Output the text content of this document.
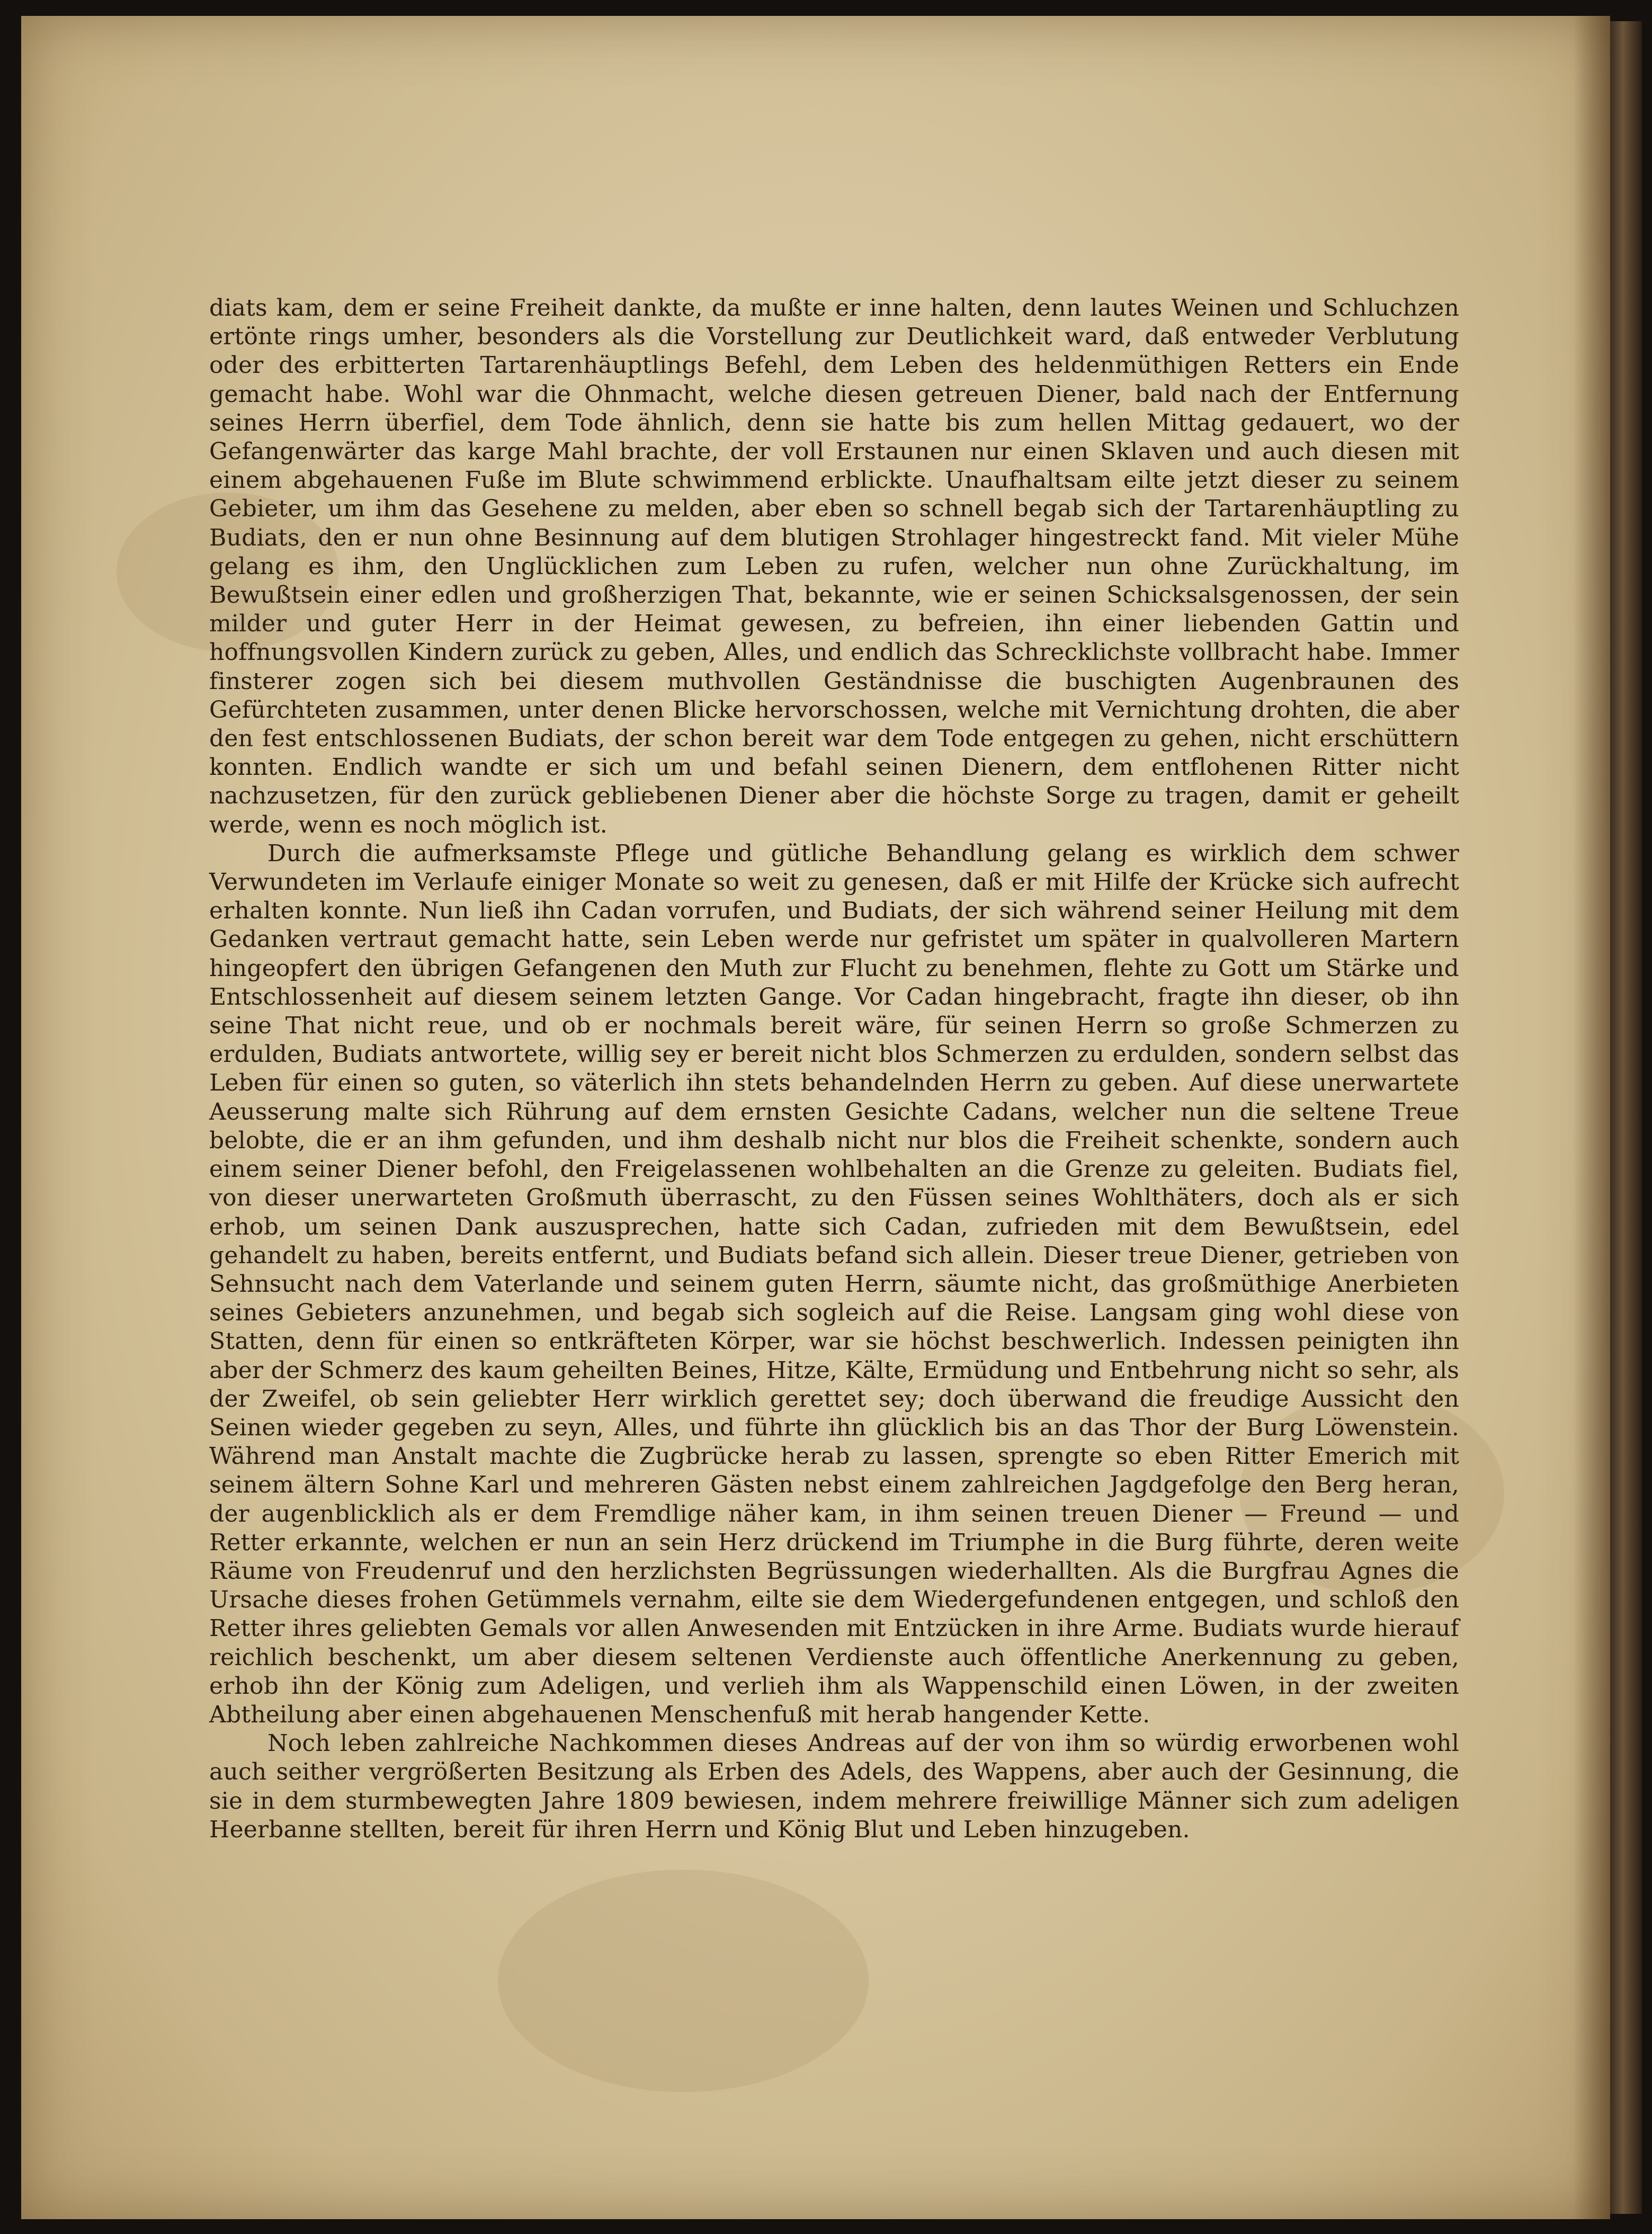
diats kam, dem er seine Freiheit dankte, da mußte er inne halten, denn lautes Weinen und Schluchzen ertönte rings umher, besonders als die Vorstellung zur Deutlichkeit ward, daß entweder Verblutung oder des erbitterten Tartarenhäuptlings Befehl, dem Leben des heldenmüthigen Retters ein Ende gemacht habe. Wohl war die Ohnmacht, welche diesen getreuen Diener, bald nach der Entfernung seines Herrn überfiel, dem Tode ähnlich, denn sie hatte bis zum hellen Mittag gedauert, wo der Gefangenwärter das karge Mahl brachte, der voll Erstaunen nur einen Sklaven und auch diesen mit einem abgehauenen Fuße im Blute schwimmend erblickte. Unaufhaltsam eilte jetzt dieser zu seinem Gebieter, um ihm das Gesehene zu melden, aber eben so schnell begab sich der Tartarenhäuptling zu Budiats, den er nun ohne Besinnung auf dem blutigen Strohlager hingestreckt fand. Mit vieler Mühe gelang es ihm, den Unglücklichen zum Leben zu rufen, welcher nun ohne Zurückhaltung, im Bewußtsein einer edlen und großherzigen That, bekannte, wie er seinen Schicksalsgenossen, der sein milder und guter Herr in der Heimat gewesen, zu befreien, ihn einer liebenden Gattin und hoffnungsvollen Kindern zurück zu geben, Alles, und endlich das Schrecklichste vollbracht habe. Immer finsterer zogen sich bei diesem muthvollen Geständnisse die buschigten Augenbraunen des Gefürchteten zusammen, unter denen Blicke hervorschossen, welche mit Vernichtung drohten, die aber den fest entschlossenen Budiats, der schon bereit war dem Tode entgegen zu gehen, nicht erschüttern konnten. Endlich wandte er sich um und befahl seinen Dienern, dem entflohenen Ritter nicht nachzusetzen, für den zurück gebliebenen Diener aber die höchste Sorge zu tragen, damit er geheilt werde, wenn es noch möglich ist.

Durch die aufmerksamste Pflege und gütliche Behandlung gelang es wirklich dem schwer Verwundeten im Verlaufe einiger Monate so weit zu genesen, daß er mit Hilfe der Krücke sich aufrecht erhalten konnte. Nun ließ ihn Cadan vorrufen, und Budiats, der sich während seiner Heilung mit dem Gedanken vertraut gemacht hatte, sein Leben werde nur gefristet um später in qualvolleren Martern hingeopfert den übrigen Gefangenen den Muth zur Flucht zu benehmen, flehte zu Gott um Stärke und Entschlossenheit auf diesem seinem letzten Gange. Vor Cadan hingebracht, fragte ihn dieser, ob ihn seine That nicht reue, und ob er nochmals bereit wäre, für seinen Herrn so große Schmerzen zu erdulden, Budiats antwortete, willig sey er bereit nicht blos Schmerzen zu erdulden, sondern selbst das Leben für einen so guten, so väterlich ihn stets behandelnden Herrn zu geben. Auf diese unerwartete Aeusserung malte sich Rührung auf dem ernsten Gesichte Cadans, welcher nun die seltene Treue belobte, die er an ihm gefunden, und ihm deshalb nicht nur blos die Freiheit schenkte, sondern auch einem seiner Diener befohl, den Freigelassenen wohlbehalten an die Grenze zu geleiten. Budiats fiel, von dieser unerwarteten Großmuth überrascht, zu den Füssen seines Wohlthäters, doch als er sich erhob, um seinen Dank auszusprechen, hatte sich Cadan, zufrieden mit dem Bewußtsein, edel gehandelt zu haben, bereits entfernt, und Budiats befand sich allein. Dieser treue Diener, getrieben von Sehnsucht nach dem Vaterlande und seinem guten Herrn, säumte nicht, das großmüthige Anerbieten seines Gebieters anzunehmen, und begab sich sogleich auf die Reise. Langsam ging wohl diese von Statten, denn für einen so entkräfteten Körper, war sie höchst beschwerlich. Indessen peinigten ihn aber der Schmerz des kaum geheilten Beines, Hitze, Kälte, Ermüdung und Entbehrung nicht so sehr, als der Zweifel, ob sein geliebter Herr wirklich gerettet sey; doch überwand die freudige Aussicht den Seinen wieder gegeben zu seyn, Alles, und führte ihn glücklich bis an das Thor der Burg Löwenstein. Während man Anstalt machte die Zugbrücke herab zu lassen, sprengte so eben Ritter Emerich mit seinem ältern Sohne Karl und mehreren Gästen nebst einem zahlreichen Jagdgefolge den Berg heran, der augenblicklich als er dem Fremdlige näher kam, in ihm seinen treuen Diener — Freund — und Retter erkannte, welchen er nun an sein Herz drückend im Triumphe in die Burg führte, deren weite Räume von Freudenruf und den herzlichsten Begrüssungen wiederhallten. Als die Burgfrau Agnes die Ursache dieses frohen Getümmels vernahm, eilte sie dem Wiedergefundenen entgegen, und schloß den Retter ihres geliebten Gemals vor allen Anwesenden mit Entzücken in ihre Arme. Budiats wurde hierauf reichlich beschenkt, um aber diesem seltenen Verdienste auch öffentliche Anerkennung zu geben, erhob ihn der König zum Adeligen, und verlieh ihm als Wappenschild einen Löwen, in der zweiten Abtheilung aber einen abgehauenen Menschenfuß mit herab hangender Kette.

Noch leben zahlreiche Nachkommen dieses Andreas auf der von ihm so würdig erworbenen wohl auch seither vergrößerten Besitzung als Erben des Adels, des Wappens, aber auch der Gesinnung, die sie in dem sturmbewegten Jahre 1809 bewiesen, indem mehrere freiwillige Männer sich zum adeligen Heerbanne stellten, bereit für ihren Herrn und König Blut und Leben hinzugeben.
